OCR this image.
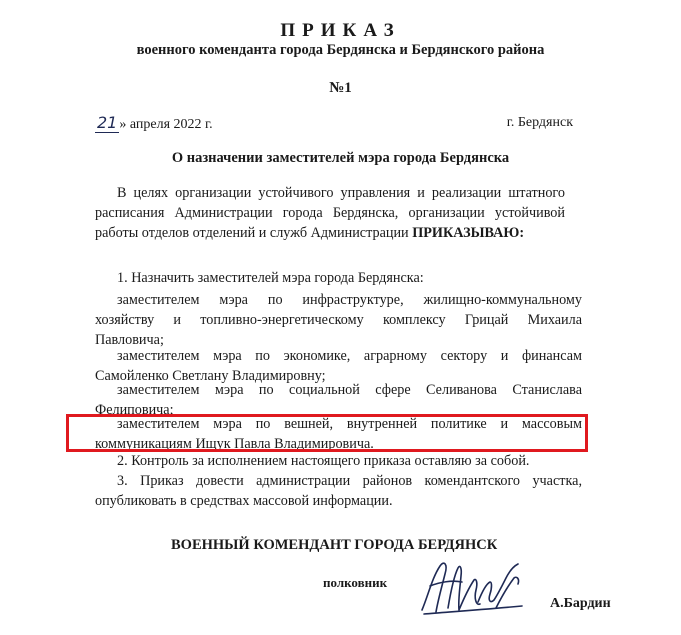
ПРИКАЗ
военного коменданта города Бердянска и Бердянского района
№1
21 » апреля 2022 г.	г. Бердянск
О назначении заместителей мэра города Бердянска
В целях организации устойчивого управления и реализации штатного
расписания Администрации города Бердянска, организации устойчивой
работы отделов отделений и служб Администрации ПРИКАЗЫВАЮ:
1. Назначить заместителей мэра города Бердянска:
заместителем мэра по инфраструктуре, жилищно-коммунальному
хозяйству и топливно-энергетическому комплексу Грицай Михаила
Павловича;
заместителем мэра по экономике, аграрному сектору и финансам
Самойленко Светлану Владимировну;
заместителем мэра по социальной сфере Селиванова Станислава
Фелиповича;
заместителем мэра по вешней, внутренней политике и массовым
коммуникациям Ищук Павла Владимировича.
2. Контроль за исполнением настоящего приказа оставляю за собой.
3. Приказ довести администрации районов комендантского участка,
опубликовать в средствах массовой информации.
ВОЕННЫЙ КОМЕНДАНТ ГОРОДА БЕРДЯНСК
полковник
А.Бардин
